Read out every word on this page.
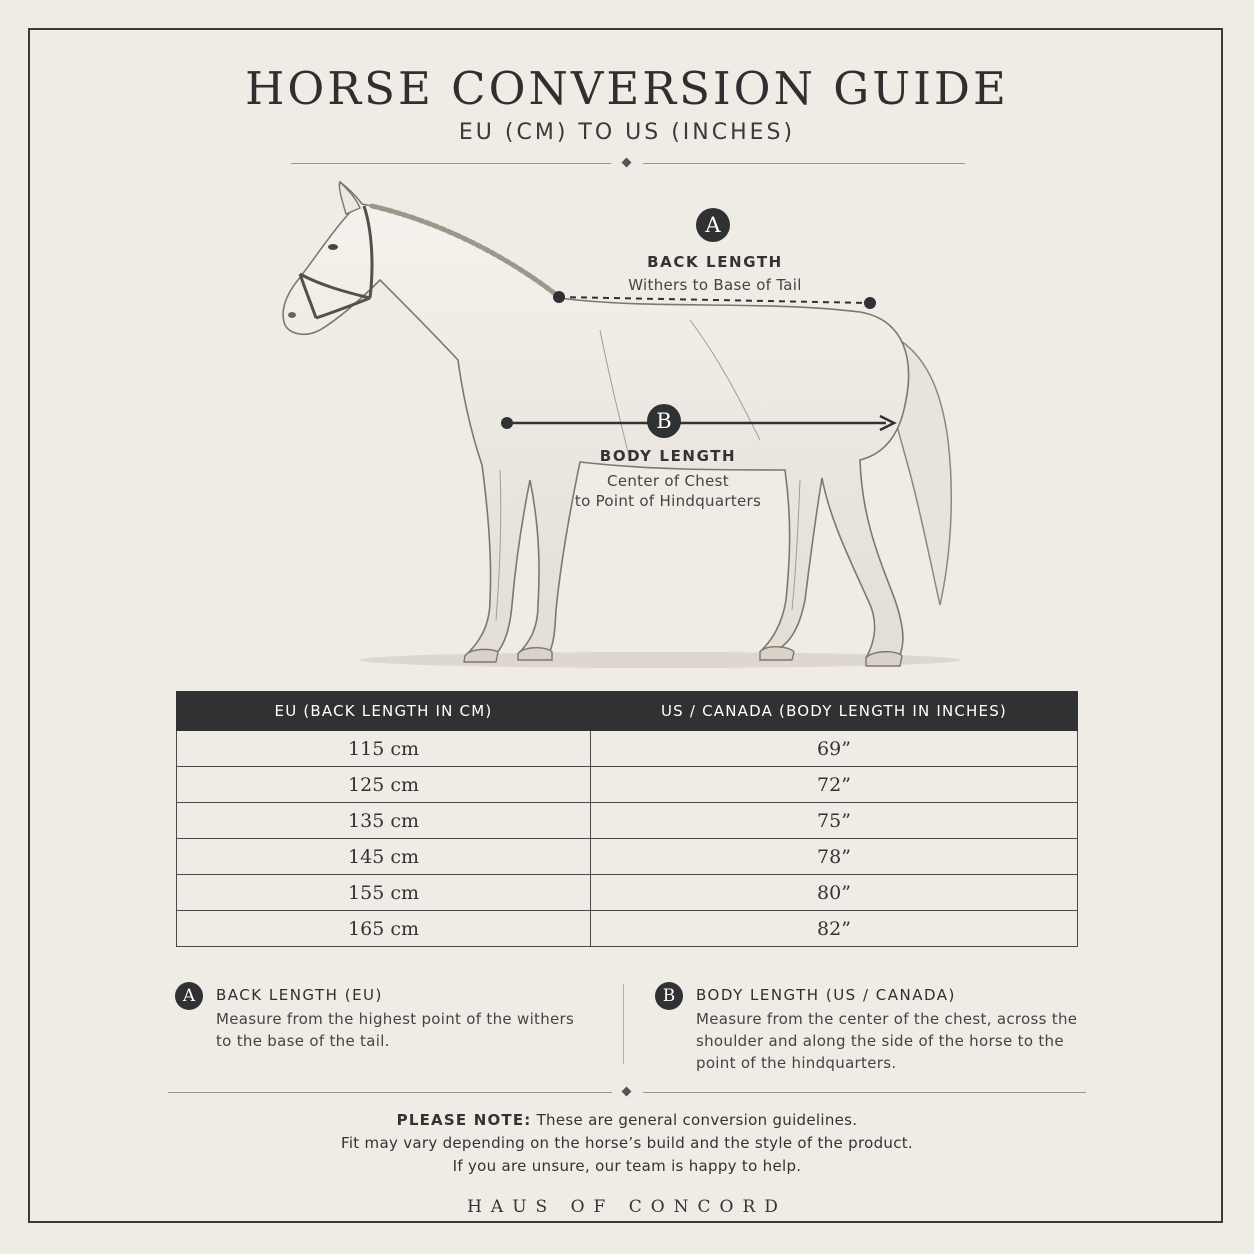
HORSE CONVERSION GUIDE
EU (CM) TO US (INCHES)
A
BACK LENGTH
Withers to Base of Tail
B
BODY LENGTH
Center of Chest
to Point of Hindquarters
EU (BACK LENGTH IN CM)	US / CANADA (BODY LENGTH IN INCHES)
115 cm	69”
125 cm	72”
135 cm	75”
145 cm	78”
155 cm	80”
165 cm	82”
A	BACK LENGTH (EU)
Measure from the highest point of the withers
to the base of the tail.
B	BODY LENGTH (US / CANADA)
Measure from the center of the chest, across the
shoulder and along the side of the horse to the
point of the hindquarters.
PLEASE NOTE: These are general conversion guidelines.
Fit may vary depending on the horse’s build and the style of the product.
If you are unsure, our team is happy to help.
HAUS OF CONCORD
